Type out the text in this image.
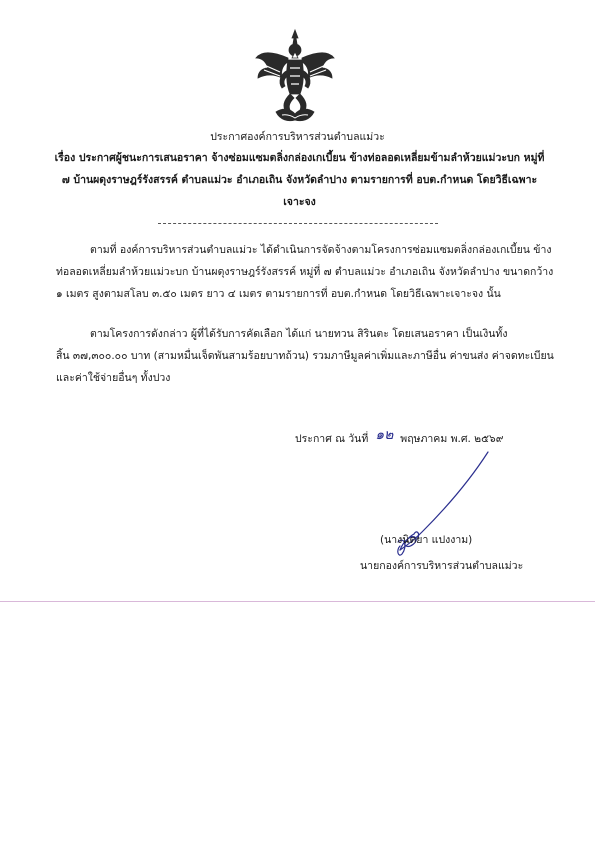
ประกาศองค์การบริหารส่วนตำบลแม่วะ
เรื่อง ประกาศผู้ชนะการเสนอราคา จ้างซ่อมแซมตลิ่งกล่องเกเบี้ยน ข้างท่อลอดเหลี่ยมข้ามลำห้วยแม่วะบก หมู่ที่
๗ บ้านผดุงราษฎร์รังสรรค์ ตำบลแม่วะ อำเภอเถิน จังหวัดลำปาง ตามรายการที่ อบต.กำหนด โดยวิธีเฉพาะ
เจาะจง
ตามที่ องค์การบริหารส่วนตำบลแม่วะ ได้ดำเนินการจัดจ้างตามโครงการซ่อมแซมตลิ่งกล่องเกเบี้ยน ข้าง
ท่อลอดเหลี่ยมลำห้วยแม่วะบก บ้านผดุงราษฎร์รังสรรค์ หมู่ที่ ๗ ตำบลแม่วะ อำเภอเถิน จังหวัดลำปาง ขนาดกว้าง
๑ เมตร สูงตามสโลบ ๓.๕๐ เมตร ยาว ๔ เมตร ตามรายการที่ อบต.กำหนด โดยวิธีเฉพาะเจาะจง นั้น
ตามโครงการดังกล่าว ผู้ที่ได้รับการคัดเลือก ได้แก่ นายทวน สิรินตะ โดยเสนอราคา เป็นเงินทั้ง
สิ้น ๓๗,๓๐๐.๐๐ บาท (สามหมื่นเจ็ดพันสามร้อยบาทถ้วน) รวมภาษีมูลค่าเพิ่มและภาษีอื่น ค่าขนส่ง ค่าจดทะเบียน
และค่าใช้จ่ายอื่นๆ ทั้งปวง
ประกาศ ณ วันที่ ๑๒ พฤษภาคม พ.ศ. ๒๕๖๙
(นางนิตยา แปงงาม)
นายกองค์การบริหารส่วนตำบลแม่วะ
